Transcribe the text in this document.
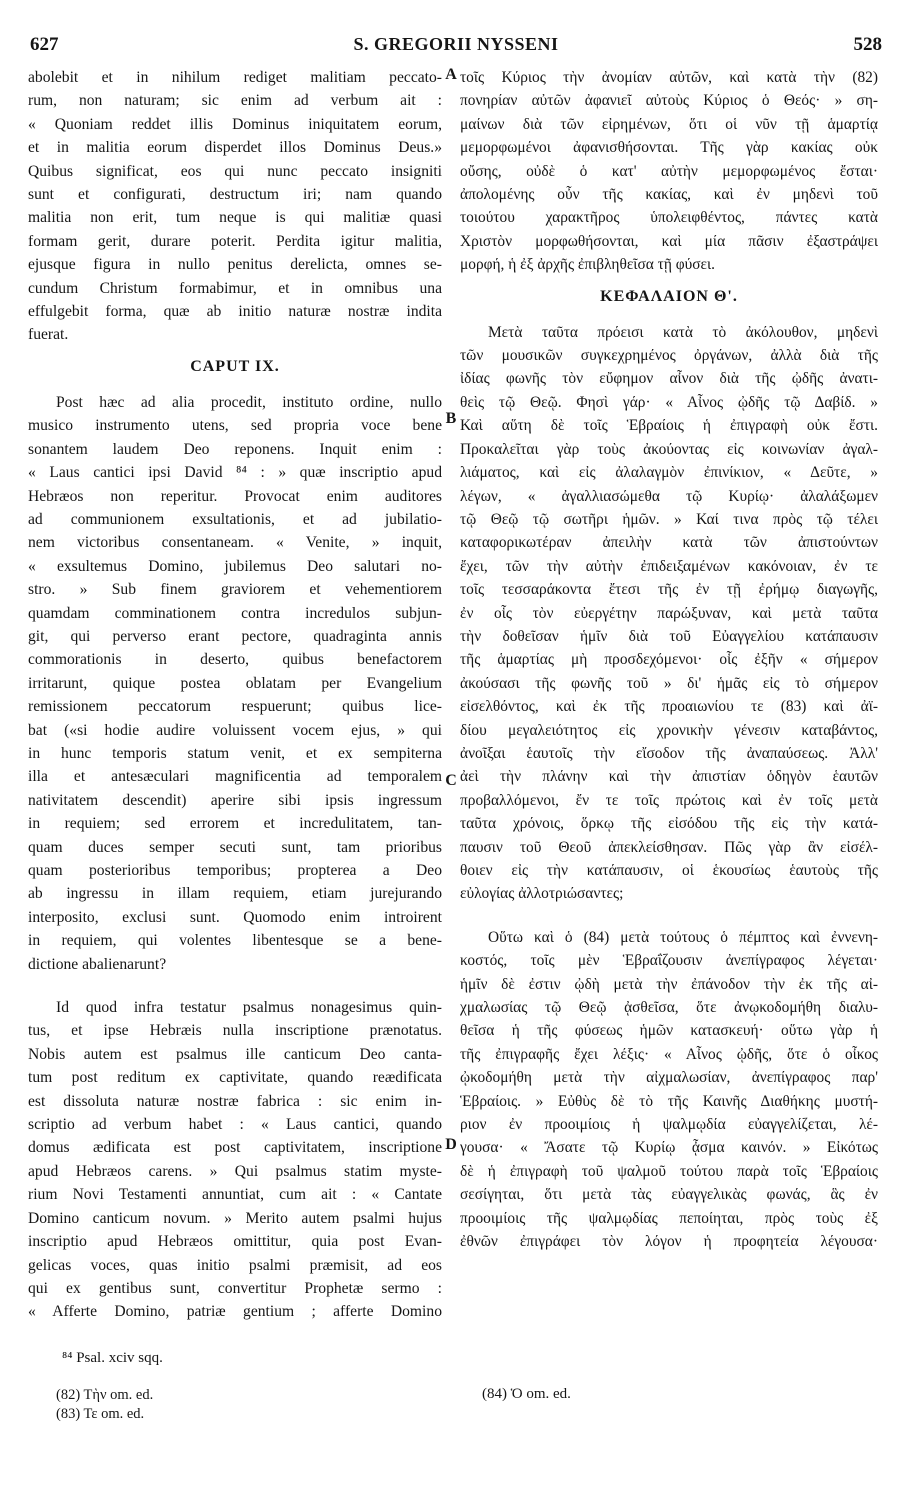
627	S. GREGORII NYSSENI	528
A
B
C
D
abolebit et in nihilum rediget malitiam peccato-
rum, non naturam; sic enim ad verbum ait :
« Quoniam reddet illis Dominus iniquitatem eorum,
et in malitia eorum disperdet illos Dominus Deus.»
Quibus significat, eos qui nunc peccato insigniti
sunt et configurati, destructum iri; nam quando
malitia non erit, tum neque is qui malitiæ quasi
formam gerit, durare poterit. Perdita igitur malitia,
ejusque figura in nullo penitus derelicta, omnes se-
cundum Christum formabimur, et in omnibus una
effulgebit forma, quæ ab initio naturæ nostræ indita
fuerat.
CAPUT IX.
Post hæc ad alia procedit, instituto ordine, nullo
musico instrumento utens, sed propria voce bene
sonantem laudem Deo reponens. Inquit enim :
« Laus cantici ipsi David ⁸⁴ : » quæ inscriptio apud
Hebræos non reperitur. Provocat enim auditores
ad communionem exsultationis, et ad jubilatio-
nem victoribus consentaneam. « Venite, » inquit,
« exsultemus Domino, jubilemus Deo salutari no-
stro. » Sub finem graviorem et vehementiorem
quamdam comminationem contra incredulos subjun-
git, qui perverso erant pectore, quadraginta annis
commorationis in deserto, quibus benefactorem
irritarunt, quique postea oblatam per Evangelium
remissionem peccatorum respuerunt; quibus lice-
bat («si hodie audire voluissent vocem ejus, » qui
in hunc temporis statum venit, et ex sempiterna
illa et antesæculari magnificentia ad temporalem
nativitatem descendit) aperire sibi ipsis ingressum
in requiem; sed errorem et incredulitatem, tan-
quam duces semper secuti sunt, tam prioribus
quam posterioribus temporibus; propterea a Deo
ab ingressu in illam requiem, etiam jurejurando
interposito, exclusi sunt. Quomodo enim introirent
in requiem, qui volentes libentesque se a bene-
dictione abalienarunt?
Id quod infra testatur psalmus nonagesimus quin-
tus, et ipse Hebræis nulla inscriptione prænotatus.
Nobis autem est psalmus ille canticum Deo canta-
tum post reditum ex captivitate, quando reædificata
est dissoluta naturæ nostræ fabrica : sic enim in-
scriptio ad verbum habet : « Laus cantici, quando
domus ædificata est post captivitatem, inscriptione
apud Hebræos carens. » Qui psalmus statim myste-
rium Novi Testamenti annuntiat, cum ait : « Cantate
Domino canticum novum. » Merito autem psalmi hujus
inscriptio apud Hebræos omittitur, quia post Evan-
gelicas voces, quas initio psalmi præmisit, ad eos
qui ex gentibus sunt, convertitur Prophetæ sermo :
« Afferte Domino, patriæ gentium ; afferte Domino
τοῖς Κύριος τὴν ἀνομίαν αὐτῶν, καὶ κατὰ τὴν (82)
πονηρίαν αὐτῶν ἀφανιεῖ αὐτοὺς Κύριος ὁ Θεός· » ση-
μαίνων διὰ τῶν εἰρημένων, ὅτι οἱ νῦν τῇ ἁμαρτίᾳ
μεμορφωμένοι ἀφανισθήσονται. Τῆς γὰρ κακίας οὐκ
οὔσης, οὐδὲ ὁ κατ' αὐτὴν μεμορφωμένος ἔσται·
ἀπολομένης οὖν τῆς κακίας, καὶ ἐν μηδενὶ τοῦ
τοιούτου χαρακτῆρος ὑπολειφθέντος, πάντες κατὰ
Χριστὸν μορφωθήσονται, καὶ μία πᾶσιν ἐξαστράψει
μορφή, ἡ ἐξ ἀρχῆς ἐπιβληθεῖσα τῇ φύσει.
ΚΕΦΑΛΑΙΟΝ Θ'.
Μετὰ ταῦτα πρόεισι κατὰ τὸ ἀκόλουθον, μηδενὶ
τῶν μουσικῶν συγκεχρημένος ὀργάνων, ἀλλὰ διὰ τῆς
ἰδίας φωνῆς τὸν εὔφημον αἶνον διὰ τῆς ᾠδῆς ἀνατι-
θεὶς τῷ Θεῷ. Φησὶ γάρ· « Αἶνος ᾠδῆς τῷ Δαβίδ. »
Καὶ αὕτη δὲ τοῖς Ἑβραίοις ἡ ἐπιγραφὴ οὐκ ἔστι.
Προκαλεῖται γὰρ τοὺς ἀκούοντας εἰς κοινωνίαν ἀγαλ-
λιάματος, καὶ εἰς ἀλαλαγμὸν ἐπινίκιον, « Δεῦτε, »
λέγων, « ἀγαλλιασώμεθα τῷ Κυρίῳ· ἀλαλάξωμεν
τῷ Θεῷ τῷ σωτῆρι ἡμῶν. » Καί τινα πρὸς τῷ τέλει
καταφορικωτέραν ἀπειλὴν κατὰ τῶν ἀπιστούντων
ἔχει, τῶν τὴν αὐτὴν ἐπιδειξαμένων κακόνοιαν, ἐν τε
τοῖς τεσσαράκοντα ἔτεσι τῆς ἐν τῇ ἐρήμῳ διαγωγῆς,
ἐν οἷς τὸν εὐεργέτην παρώξυναν, καὶ μετὰ ταῦτα
τὴν δοθεῖσαν ἡμῖν διὰ τοῦ Εὐαγγελίου κατάπαυσιν
τῆς ἁμαρτίας μὴ προσδεχόμενοι· οἷς ἐξῆν « σήμερον
ἀκούσασι τῆς φωνῆς τοῦ » δι' ἡμᾶς εἰς τὸ σήμερον
εἰσελθόντος, καὶ ἐκ τῆς προαιωνίου τε (83) καὶ ἀϊ-
δίου μεγαλειότητος εἰς χρονικὴν γένεσιν καταβάντος,
ἀνοῖξαι ἑαυτοῖς τὴν εἴσοδον τῆς ἀναπαύσεως. Ἀλλ'
ἀεὶ τὴν πλάνην καὶ τὴν ἀπιστίαν ὁδηγὸν ἑαυτῶν
προβαλλόμενοι, ἔν τε τοῖς πρώτοις καὶ ἐν τοῖς μετὰ
ταῦτα χρόνοις, ὅρκῳ τῆς εἰσόδου τῆς εἰς τὴν κατά-
παυσιν τοῦ Θεοῦ ἀπεκλείσθησαν. Πῶς γὰρ ἂν εἰσέλ-
θοιεν εἰς τὴν κατάπαυσιν, οἱ ἑκουσίως ἑαυτοὺς τῆς
εὐλογίας ἀλλοτριώσαντες;
Οὕτω καὶ ὁ (84) μετὰ τούτους ὁ πέμπτος καὶ ἐννενη-
κοστός, τοῖς μὲν Ἑβραΐζουσιν ἀνεπίγραφος λέγεται·
ἡμῖν δὲ ἐστιν ᾠδὴ μετὰ τὴν ἐπάνοδον τὴν ἐκ τῆς αἰ-
χμαλωσίας τῷ Θεῷ ᾀσθεῖσα, ὅτε ἀνῳκοδομήθη διαλυ-
θεῖσα ἡ τῆς φύσεως ἡμῶν κατασκευή· οὕτω γὰρ ἡ
τῆς ἐπιγραφῆς ἔχει λέξις· « Αἶνος ᾠδῆς, ὅτε ὁ οἶκος
ᾠκοδομήθη μετὰ τὴν αἰχμαλωσίαν, ἀνεπίγραφος παρ'
Ἑβραίοις. » Εὐθὺς δὲ τὸ τῆς Καινῆς Διαθήκης μυστή-
ριον ἐν προοιμίοις ἡ ψαλμῳδία εὐαγγελίζεται, λέ-
γουσα· « Ἄσατε τῷ Κυρίῳ ᾆσμα καινόν. » Εἰκότως
δὲ ἡ ἐπιγραφὴ τοῦ ψαλμοῦ τούτου παρὰ τοῖς Ἑβραίοις
σεσίγηται, ὅτι μετὰ τὰς εὐαγγελικὰς φωνάς, ἃς ἐν
προοιμίοις τῆς ψαλμῳδίας πεποίηται, πρὸς τοὺς ἐξ
ἐθνῶν ἐπιγράφει τὸν λόγον ἡ προφητεία λέγουσα·
⁸⁴ Psal. xciv sqq.
(82) Τὴν om. ed.
(83) Τε om. ed.
(84) Ὁ om. ed.
